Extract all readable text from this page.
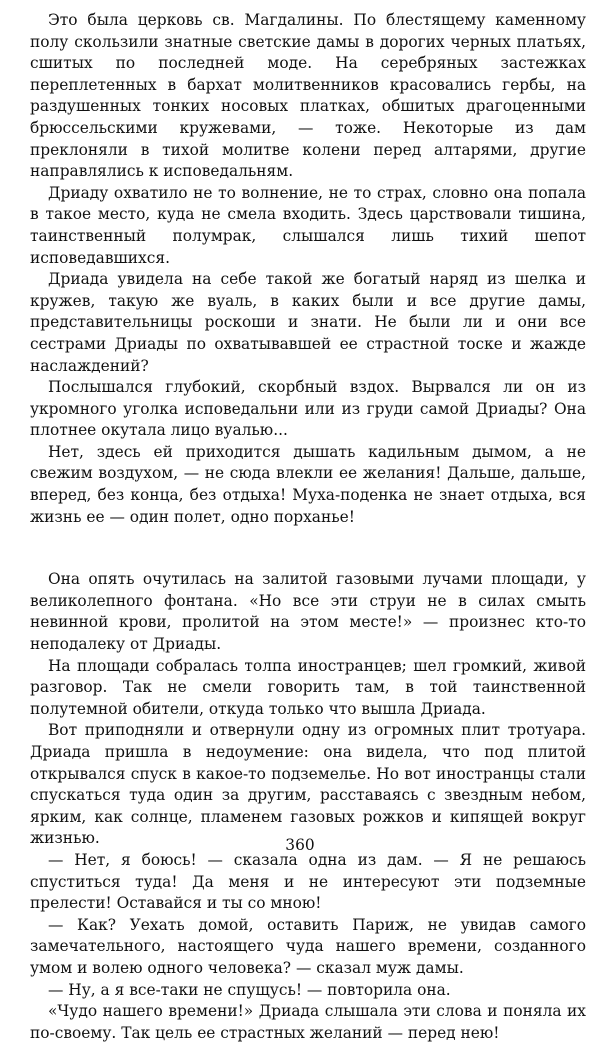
Это была церковь св. Магдалины. По блестящему каменному полу скользили знатные светские дамы в дорогих черных платьях, сшитых по последней моде. На серебряных застежках переплетенных в бархат молитвенников красовались гербы, на раздушенных тонких носовых платках, обшитых драгоценными брюссельскими кружевами, — тоже. Некоторые из дам преклоняли в тихой молитве колени перед алтарями, другие направлялись к исповедальням.

Дриаду охватило не то волнение, не то страх, словно она попала в такое место, куда не смела входить. Здесь царствовали тишина, таинственный полумрак, слышался лишь тихий шепот исповедавшихся.

Дриада увидела на себе такой же богатый наряд из шелка и кружев, такую же вуаль, в каких были и все другие дамы, представительницы роскоши и знати. Не были ли и они все сестрами Дриады по охватывавшей ее страстной тоске и жажде наслаждений?

Послышался глубокий, скорбный вздох. Вырвался ли он из укромного уголка исповедальни или из груди самой Дриады? Она плотнее окутала лицо вуалью...

Нет, здесь ей приходится дышать кадильным дымом, а не свежим воздухом, — не сюда влекли ее желания! Дальше, дальше, вперед, без конца, без отдыха! Муха-поденка не знает отдыха, вся жизнь ее — один полет, одно порханье!

Она опять очутилась на залитой газовыми лучами площади, у великолепного фонтана. «Но все эти струи не в силах смыть невинной крови, пролитой на этом месте!» — произнес кто-то неподалеку от Дриады.

На площади собралась толпа иностранцев; шел громкий, живой разговор. Так не смели говорить там, в той таинственной полутемной обители, откуда только что вышла Дриада.

Вот приподняли и отвернули одну из огромных плит тротуара. Дриада пришла в недоумение: она видела, что под плитой открывался спуск в какое-то подземелье. Но вот иностранцы стали спускаться туда один за другим, расставаясь с звездным небом, ярким, как солнце, пламенем газовых рожков и кипящей вокруг жизнью.

— Нет, я боюсь! — сказала одна из дам. — Я не решаюсь спуститься туда! Да меня и не интересуют эти подземные прелести! Оставайся и ты со мною!

— Как? Уехать домой, оставить Париж, не увидав самого замечательного, настоящего чуда нашего времени, созданного умом и волею одного человека? — сказал муж дамы.

— Ну, а я все-таки не спущусь! — повторила она.

«Чудо нашего времени!» Дриада слышала эти слова и поняла их по-своему. Так цель ее страстных желаний — перед нею!

360
